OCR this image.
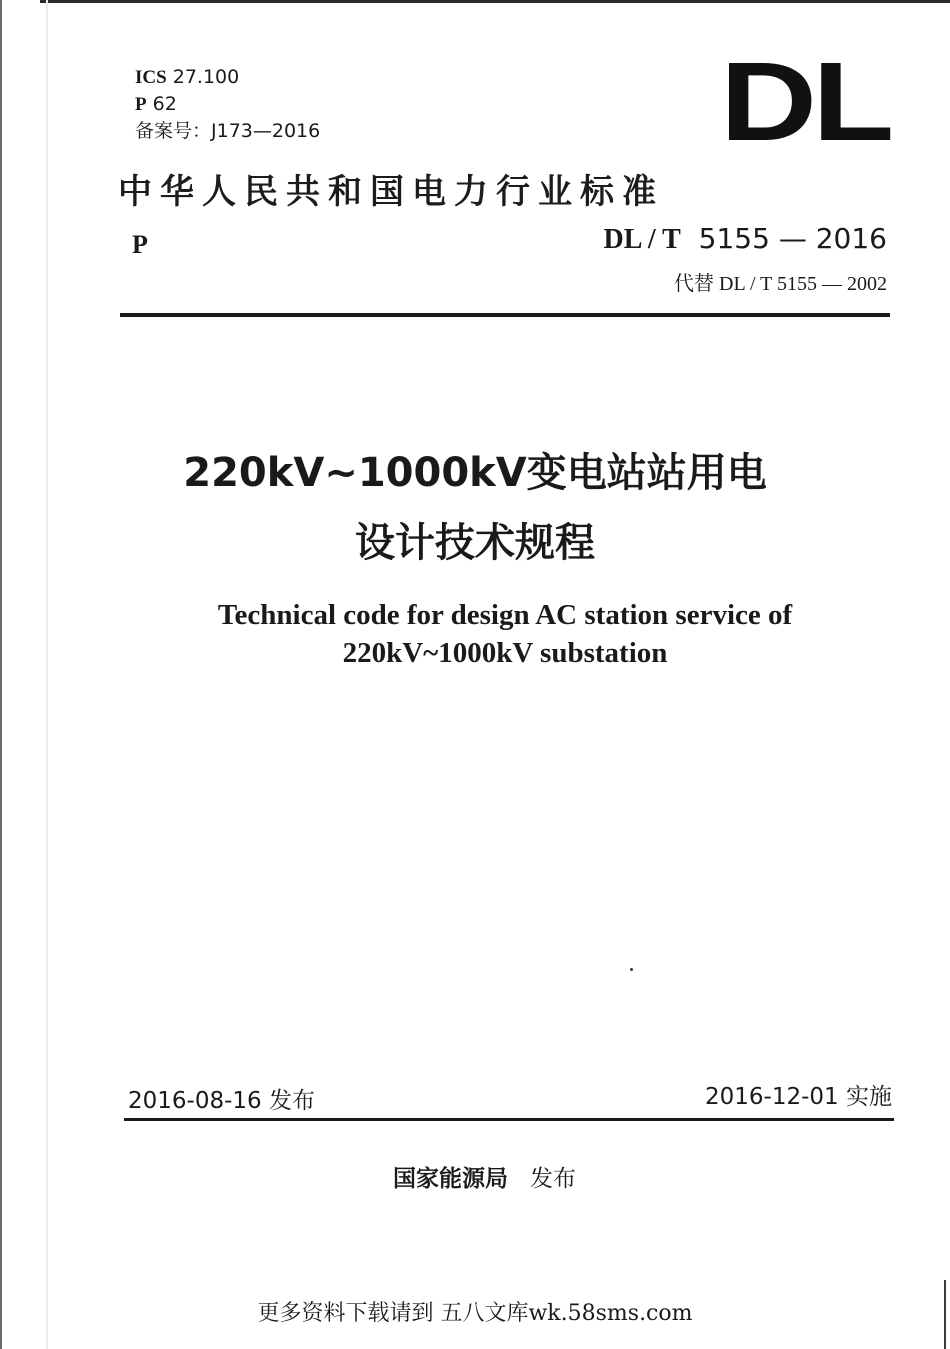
ICS 27.100
P 62
备案号：J173—2016	DL
中华人民共和国电力行业标准
P	DL / T 5155 — 2016
代替 DL / T 5155 — 2002
220kV~1000kV变电站站用电
设计技术规程
Technical code for design AC station service of
220kV~1000kV substation
2016-08-16 发布	2016-12-01 实施
国家能源局 发布
更多资料下载请到 五八文库wk.58sms.com
